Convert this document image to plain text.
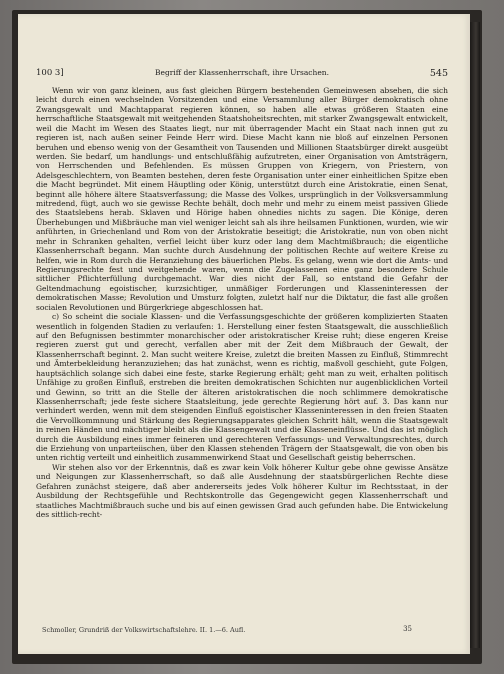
100 3]	Begriff der Klassenherrschaft, ihre Ursachen.	545

Wenn wir von ganz kleinen, aus fast gleichen Bürgern bestehenden Gemeinwesen absehen, die sich leicht durch einen wechselnden Vorsitzenden und eine Versammlung aller Bürger demokratisch ohne Zwangsgewalt und Machtapparat regieren können, so haben alle etwas größeren Staaten eine herrschaftliche Staatsgewalt mit weitgehenden Staatshoheitsrechten, mit starker Zwangsgewalt entwickelt, weil die Macht im Wesen des Staates liegt, nur mit überragender Macht ein Staat nach innen gut zu regieren ist, nach außen seiner Feinde Herr wird. Diese Macht kann nie bloß auf einzelnen Personen beruhen und ebenso wenig von der Gesamtheit von Tausenden und Millionen Staatsbürger direkt ausgeübt werden. Sie bedarf, um handlungs- und entschlußfähig aufzutreten, einer Organisation von Amtsträgern, von Herrschenden und Befehlenden. Es müssen Gruppen von Kriegern, von Priestern, von Adelsgeschlechtern, von Beamten bestehen, deren feste Organisation unter einer einheitlichen Spitze eben die Macht begründet. Mit einem Häuptling oder König, unterstützt durch eine Aristokratie, einen Senat, beginnt alle höhere ältere Staatsverfassung; die Masse des Volkes, ursprünglich in der Volksversammlung mitredend, fügt, auch wo sie gewisse Rechte behält, doch mehr und mehr zu einem meist passiven Gliede des Staatslebens herab. Sklaven und Hörige haben ohnedies nichts zu sagen. Die Könige, deren Überhebungen und Mißbräuche man viel weniger leicht sah als ihre heilsamen Funktionen, wurden, wie wir anführten, in Griechenland und Rom von der Aristokratie beseitigt; die Aristokratie, nun von oben nicht mehr in Schranken gehalten, verfiel leicht über kurz oder lang dem Machtmißbrauch; die eigentliche Klassenherrschaft begann. Man suchte durch Ausdehnung der politischen Rechte auf weitere Kreise zu helfen, wie in Rom durch die Heranziehung des bäuerlichen Plebs. Es gelang, wenn wie dort die Amts- und Regierungsrechte fest und weitgehende waren, wenn die Zugelassenen eine ganz besondere Schule sittlicher Pflichterfüllung durchgemacht. War dies nicht der Fall, so entstand die Gefahr der Geltendmachung egoistischer, kurzsichtiger, unmäßiger Forderungen und Klasseninteressen der demokratischen Masse; Revolution und Umsturz folgten, zuletzt half nur die Diktatur, die fast alle großen socialen Revolutionen und Bürgerkriege abgeschlossen hat.

c) So scheint die sociale Klassen- und die Verfassungsgeschichte der größeren komplizierten Staaten wesentlich in folgenden Stadien zu verlaufen: 1. Herstellung einer festen Staatsgewalt, die ausschließlich auf den Befugnissen bestimmter monarchischer oder aristokratischer Kreise ruht; diese engeren Kreise regieren zuerst gut und gerecht, verfallen aber mit der Zeit dem Mißbrauch der Gewalt, der Klassenherrschaft beginnt. 2. Man sucht weitere Kreise, zuletzt die breiten Massen zu Einfluß, Stimmrecht und Ämterbekleidung heranzuziehen; das hat zunächst, wenn es richtig, maßvoll geschieht, gute Folgen, hauptsächlich solange sich dabei eine feste, starke Regierung erhält; geht man zu weit, erhalten politisch Unfähige zu großen Einfluß, erstreben die breiten demokratischen Schichten nur augenblicklichen Vorteil und Gewinn, so tritt an die Stelle der älteren aristokratischen die noch schlimmere demokratische Klassenherrschaft; jede feste sichere Staatsleitung, jede gerechte Regierung hört auf. 3. Das kann nur verhindert werden, wenn mit dem steigenden Einfluß egoistischer Klasseninteressen in den freien Staaten die Vervollkommnung und Stärkung des Regierungsapparates gleichen Schritt hält, wenn die Staatsgewalt in reinen Händen und mächtiger bleibt als die Klassengewalt und die Klasseneinflüsse. Und das ist möglich durch die Ausbildung eines immer feineren und gerechteren Verfassungs- und Verwaltungsrechtes, durch die Erziehung von unparteiischen, über den Klassen stehenden Trägern der Staatsgewalt, die von oben bis unten richtig verteilt und einheitlich zusammenwirkend Staat und Gesellschaft geistig beherrschen.

Wir stehen also vor der Erkenntnis, daß es zwar kein Volk höherer Kultur gebe ohne gewisse Ansätze und Neigungen zur Klassenherrschaft, so daß alle Ausdehnung der staatsbürgerlichen Rechte diese Gefahren zunächst steigere, daß aber andererseits jedes Volk höherer Kultur im Rechtsstaat, in der Ausbildung der Rechtsgefühle und Rechtskontrolle das Gegengewicht gegen Klassenherrschaft und staatliches Machtmißbrauch suche und bis auf einen gewissen Grad auch gefunden habe. Die Entwickelung des sittlich-recht-

Schmoller, Grundriß der Volkswirtschaftslehre. II. 1.—6. Aufl.	35
